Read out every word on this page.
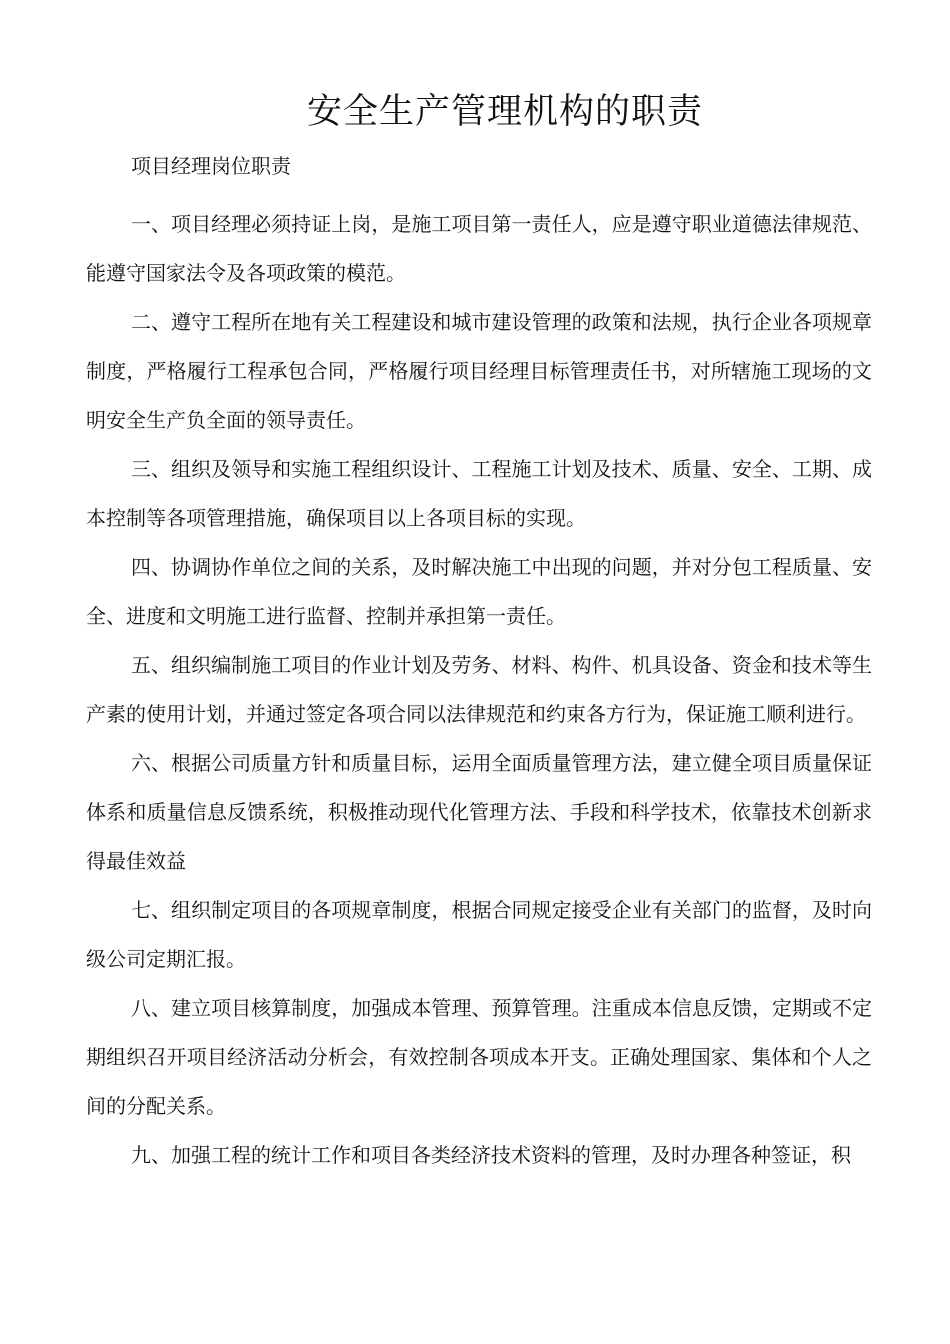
安全生产管理机构的职责
项目经理岗位职责

一、项目经理必须持证上岗，是施工项目第一责任人，应是遵守职业道德法律规范、能遵守国家法令及各项政策的模范。

二、遵守工程所在地有关工程建设和城市建设管理的政策和法规，执行企业各项规章制度，严格履行工程承包合同，严格履行项目经理目标管理责任书，对所辖施工现场的文明安全生产负全面的领导责任。

三、组织及领导和实施工程组织设计、工程施工计划及技术、质量、安全、工期、成本控制等各项管理措施，确保项目以上各项目标的实现。

四、协调协作单位之间的关系，及时解决施工中出现的问题，并对分包工程质量、安全、进度和文明施工进行监督、控制并承担第一责任。

五、组织编制施工项目的作业计划及劳务、材料、构件、机具设备、资金和技术等生产素的使用计划，并通过签定各项合同以法律规范和约束各方行为，保证施工顺利进行。

六、根据公司质量方针和质量目标，运用全面质量管理方法，建立健全项目质量保证体系和质量信息反馈系统，积极推动现代化管理方法、手段和科学技术，依靠技术创新求得最佳效益

七、组织制定项目的各项规章制度，根据合同规定接受企业有关部门的监督，及时向级公司定期汇报。

八、建立项目核算制度，加强成本管理、预算管理。注重成本信息反馈，定期或不定期组织召开项目经济活动分析会，有效控制各项成本开支。正确处理国家、集体和个人之间的分配关系。

九、加强工程的统计工作和项目各类经济技术资料的管理，及时办理各种签证，积
